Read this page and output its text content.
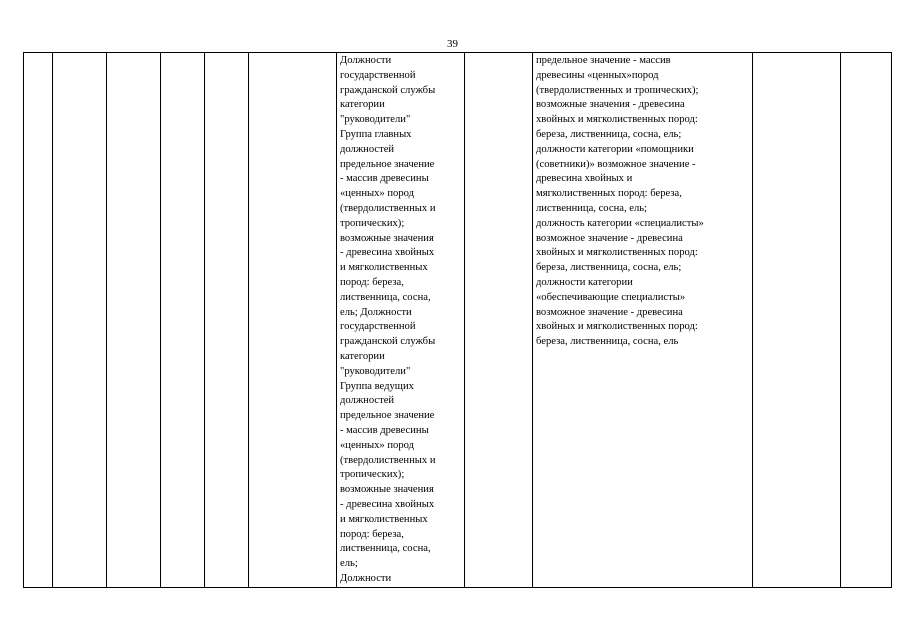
39

Должности
государственной
гражданской службы
категории
"руководители"
Группа главных
должностей
предельное значение
- массив древесины
«ценных» пород
(твердолиственных и
тропических);
возможные значения
- древесина хвойных
и мягколиственных
пород: береза,
лиственница, сосна,
ель; Должности
государственной
гражданской службы
категории
"руководители"
Группа ведущих
должностей
предельное значение
- массив древесины
«ценных» пород
(твердолиственных и
тропических);
возможные значения
- древесина хвойных
и мягколиственных
пород: береза,
лиственница, сосна,
ель;
Должности

предельное значение - массив
древесины «ценных»пород
(твердолиственных и тропических);
возможные значения - древесина
хвойных и мягколиственных пород:
береза, лиственница, сосна, ель;
должности категории «помощники
(советники)» возможное значение -
древесина хвойных и
мягколиственных пород: береза,
лиственница, сосна, ель;
должность категории «специалисты»
возможное значение - древесина
хвойных и мягколиственных пород:
береза, лиственница, сосна, ель;
должности категории
«обеспечивающие специалисты»
возможное значение - древесина
хвойных и мягколиственных пород:
береза, лиственница, сосна, ель
